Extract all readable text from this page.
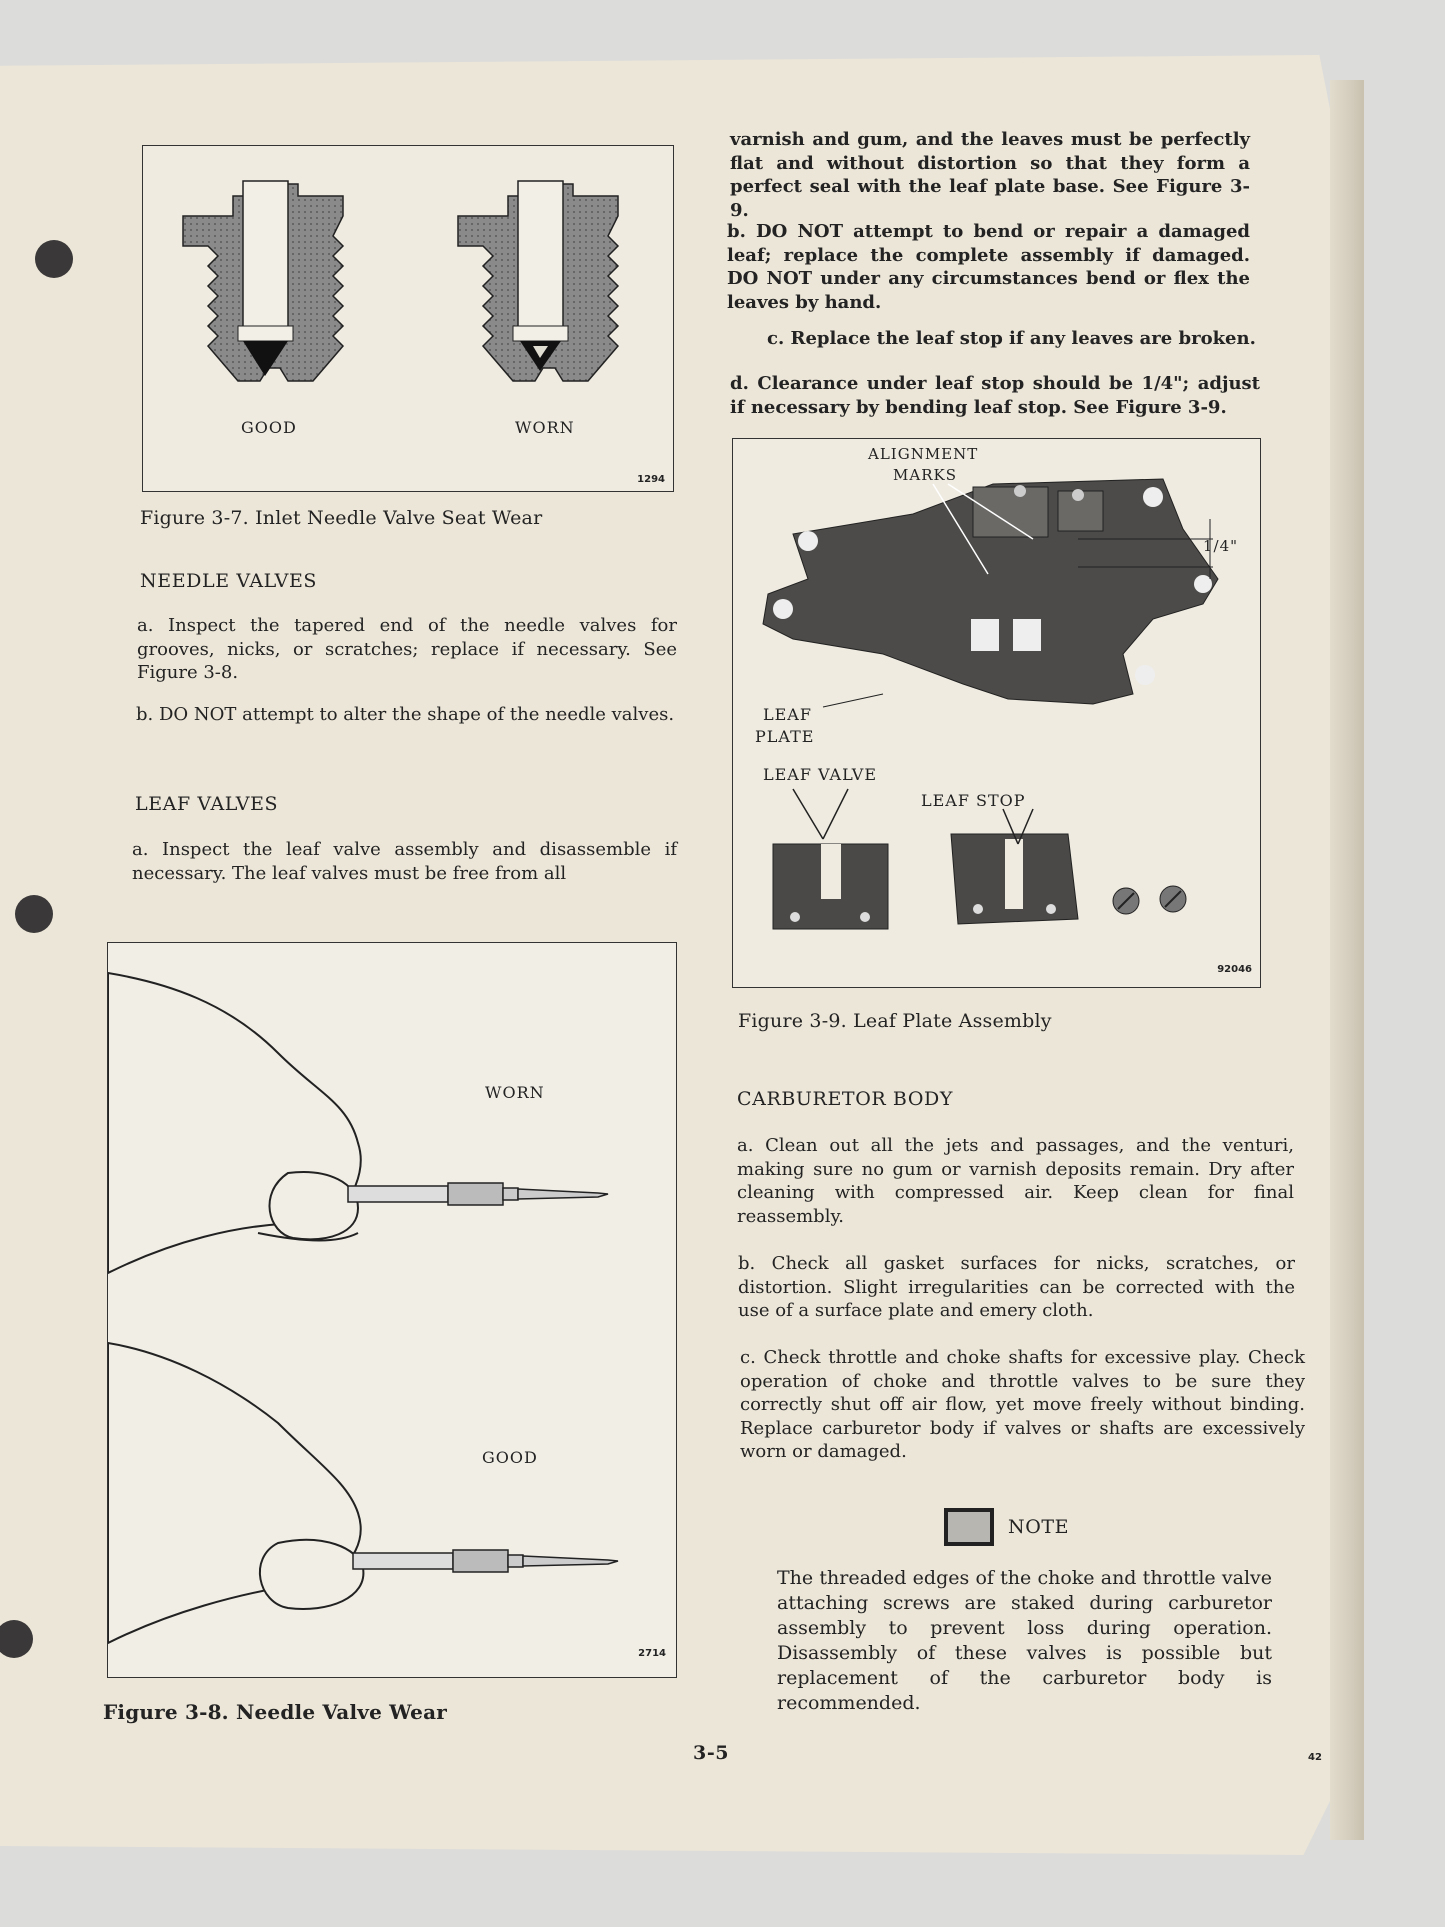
GOOD	WORN
1294
Figure 3-7. Inlet Needle Valve Seat Wear
NEEDLE VALVES
a. Inspect the tapered end of the needle valves for grooves, nicks, or scratches; replace if necessary. See Figure 3-8.
b. DO NOT attempt to alter the shape of the needle valves.
LEAF VALVES
a. Inspect the leaf valve assembly and disassemble if necessary. The leaf valves must be free from all
WORN
GOOD
2714
Figure 3-8. Needle Valve Wear
varnish and gum, and the leaves must be perfectly flat and without distortion so that they form a perfect seal with the leaf plate base. See Figure 3-9.
b. DO NOT attempt to bend or repair a damaged leaf; replace the complete assembly if damaged. DO NOT under any circumstances bend or flex the leaves by hand.
c. Replace the leaf stop if any leaves are broken.
d. Clearance under leaf stop should be 1/4"; adjust if necessary by bending leaf stop. See Figure 3-9.
ALIGNMENT
MARKS
1/4"
LEAF
PLATE
LEAF VALVE
LEAF STOP
92046
Figure 3-9. Leaf Plate Assembly
CARBURETOR BODY
a. Clean out all the jets and passages, and the venturi, making sure no gum or varnish deposits remain. Dry after cleaning with compressed air. Keep clean for final reassembly.
b. Check all gasket surfaces for nicks, scratches, or distortion. Slight irregularities can be corrected with the use of a surface plate and emery cloth.
c. Check throttle and choke shafts for excessive play. Check operation of choke and throttle valves to be sure they correctly shut off air flow, yet move freely without binding. Replace carburetor body if valves or shafts are excessively worn or damaged.
NOTE
The threaded edges of the choke and throttle valve attaching screws are staked during carburetor assembly to prevent loss during operation. Disassembly of these valves is possible but replacement of the carburetor body is recommended.
3-5	42
